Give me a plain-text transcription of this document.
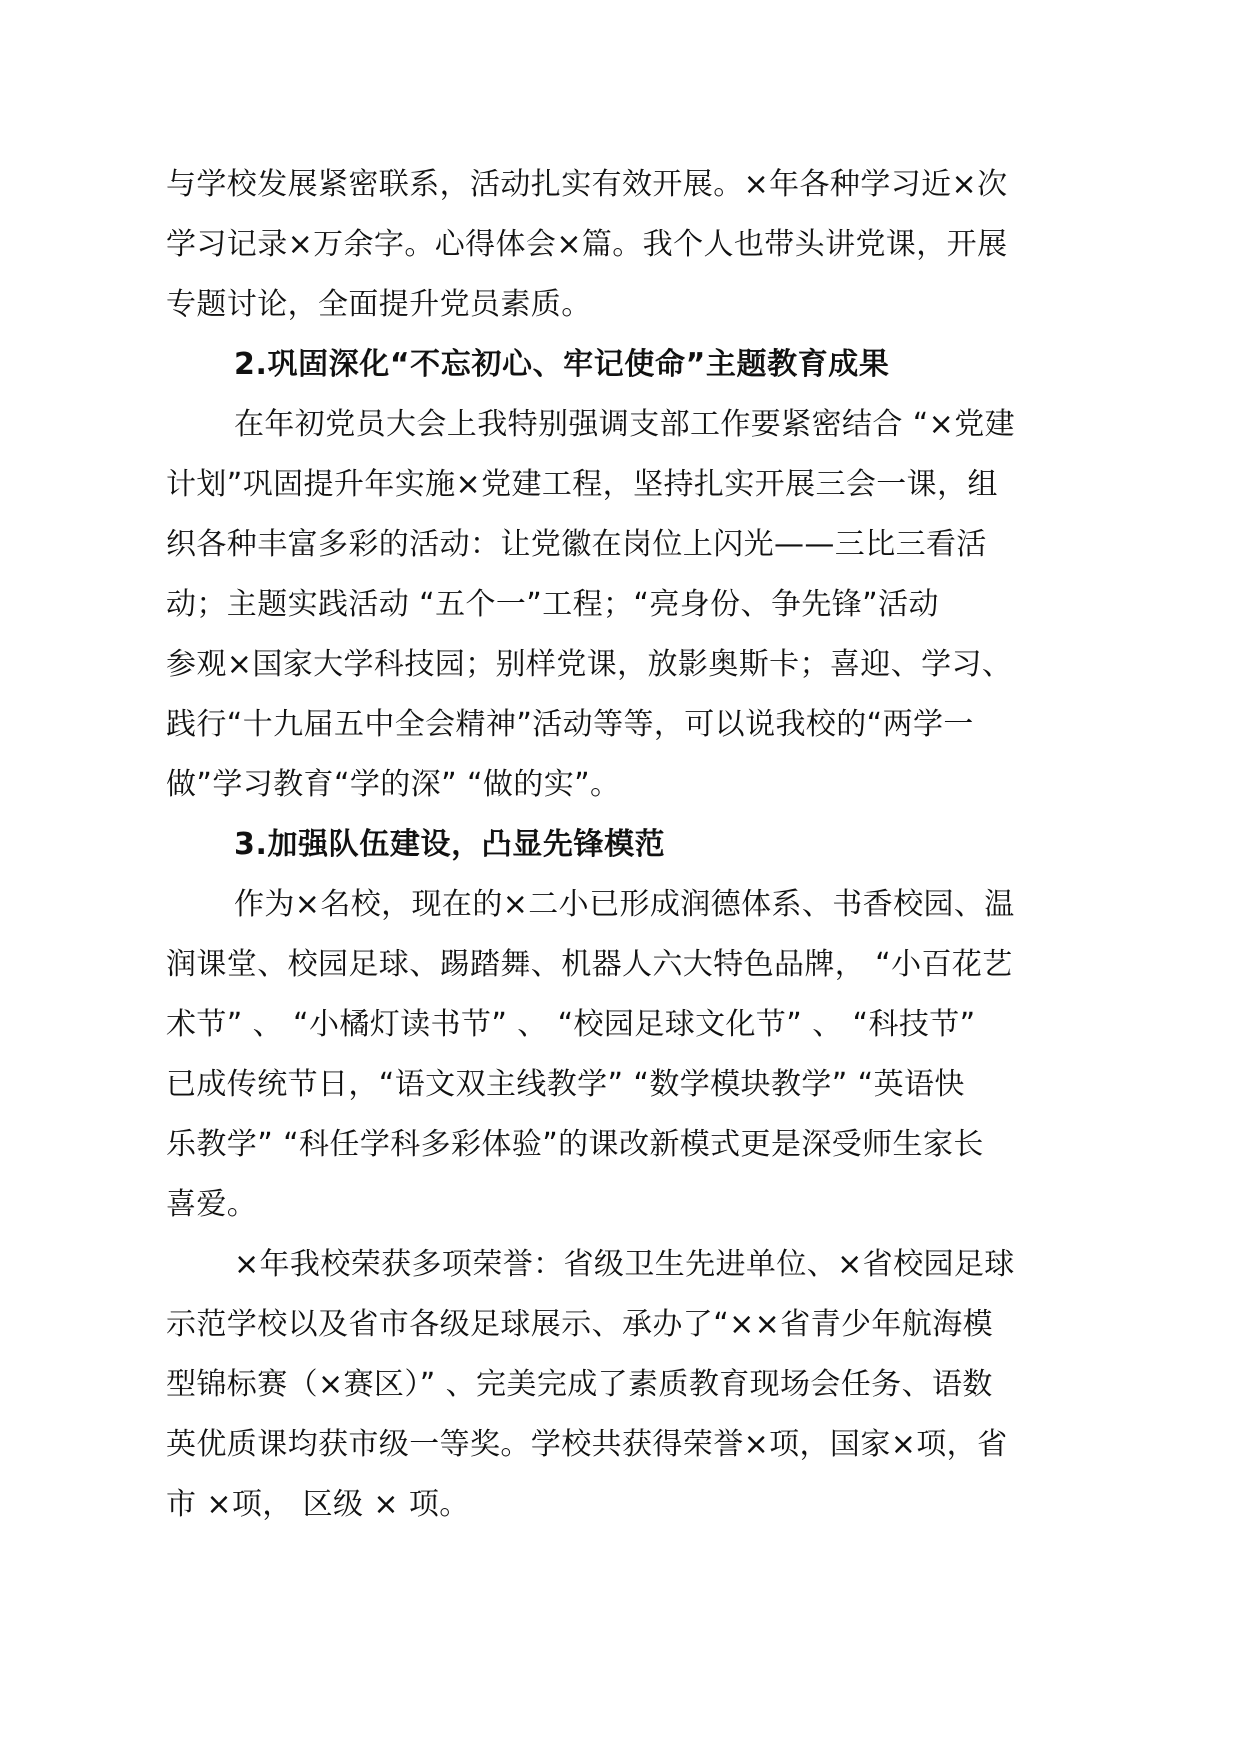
与学校发展紧密联系，活动扎实有效开展。×年各种学习近×次
学习记录×万余字。心得体会×篇。我个人也带头讲党课，开展
专题讨论，全面提升党员素质。
2.巩固深化“不忘初心、牢记使命”主题教育成果
在年初党员大会上我特别强调支部工作要紧密结合 “×党建
计划”巩固提升年实施×党建工程，坚持扎实开展三会一课，组
织各种丰富多彩的活动：让党徽在岗位上闪光——三比三看活
动；主题实践活动 “五个一”工程；“亮身份、争先锋”活动
参观×国家大学科技园；别样党课，放影奥斯卡；喜迎、学习、
践行“十九届五中全会精神”活动等等，可以说我校的“两学一
做”学习教育“学的深” “做的实”。
3.加强队伍建设，凸显先锋模范
作为×名校，现在的×二小已形成润德体系、书香校园、温
润课堂、校园足球、踢踏舞、机器人六大特色品牌， “小百花艺
术节” 、 “小橘灯读书节” 、 “校园足球文化节” 、 “科技节”
已成传统节日，“语文双主线教学” “数学模块教学” “英语快
乐教学” “科任学科多彩体验”的课改新模式更是深受师生家长
喜爱。
×年我校荣获多项荣誉：省级卫生先进单位、×省校园足球
示范学校以及省市各级足球展示、承办了“××省青少年航海模
型锦标赛（×赛区）” 、完美完成了素质教育现场会任务、语数
英优质课均获市级一等奖。学校共获得荣誉×项，国家×项，省
市 ×项， 区级 × 项。
